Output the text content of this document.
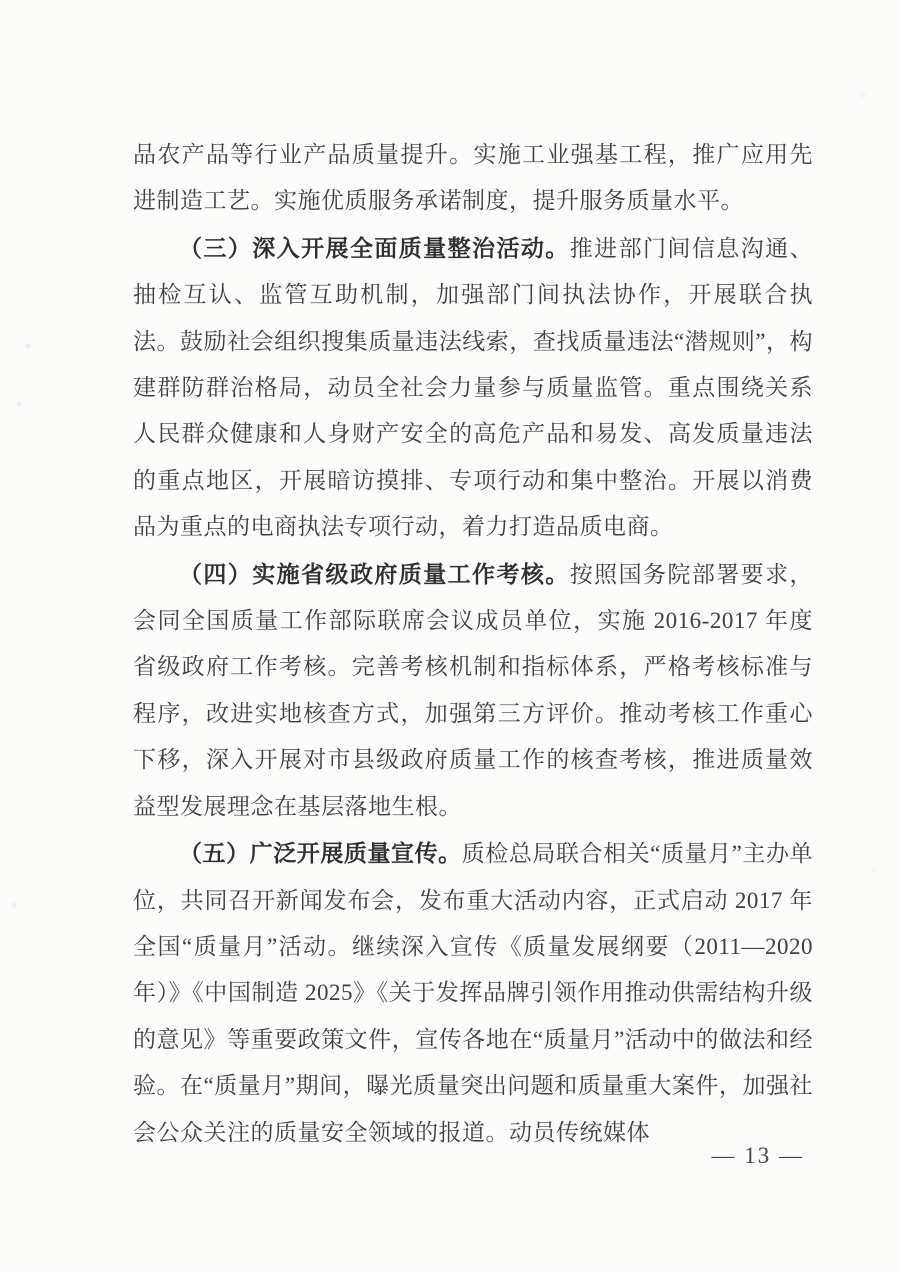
品农产品等行业产品质量提升。实施工业强基工程，推广应用先进制造工艺。实施优质服务承诺制度，提升服务质量水平。

（三）深入开展全面质量整治活动。推进部门间信息沟通、抽检互认、监管互助机制，加强部门间执法协作，开展联合执法。鼓励社会组织搜集质量违法线索，查找质量违法“潜规则”，构建群防群治格局，动员全社会力量参与质量监管。重点围绕关系人民群众健康和人身财产安全的高危产品和易发、高发质量违法的重点地区，开展暗访摸排、专项行动和集中整治。开展以消费品为重点的电商执法专项行动，着力打造品质电商。

（四）实施省级政府质量工作考核。按照国务院部署要求，会同全国质量工作部际联席会议成员单位，实施 2016-2017 年度省级政府工作考核。完善考核机制和指标体系，严格考核标准与程序，改进实地核查方式，加强第三方评价。推动考核工作重心下移，深入开展对市县级政府质量工作的核查考核，推进质量效益型发展理念在基层落地生根。

（五）广泛开展质量宣传。质检总局联合相关“质量月”主办单位，共同召开新闻发布会，发布重大活动内容，正式启动 2017 年全国“质量月”活动。继续深入宣传《质量发展纲要（2011—2020年）》《中国制造 2025》《关于发挥品牌引领作用推动供需结构升级的意见》等重要政策文件，宣传各地在“质量月”活动中的做法和经验。在“质量月”期间，曝光质量突出问题和质量重大案件，加强社会公众关注的质量安全领域的报道。动员传统媒体

— 13 —
